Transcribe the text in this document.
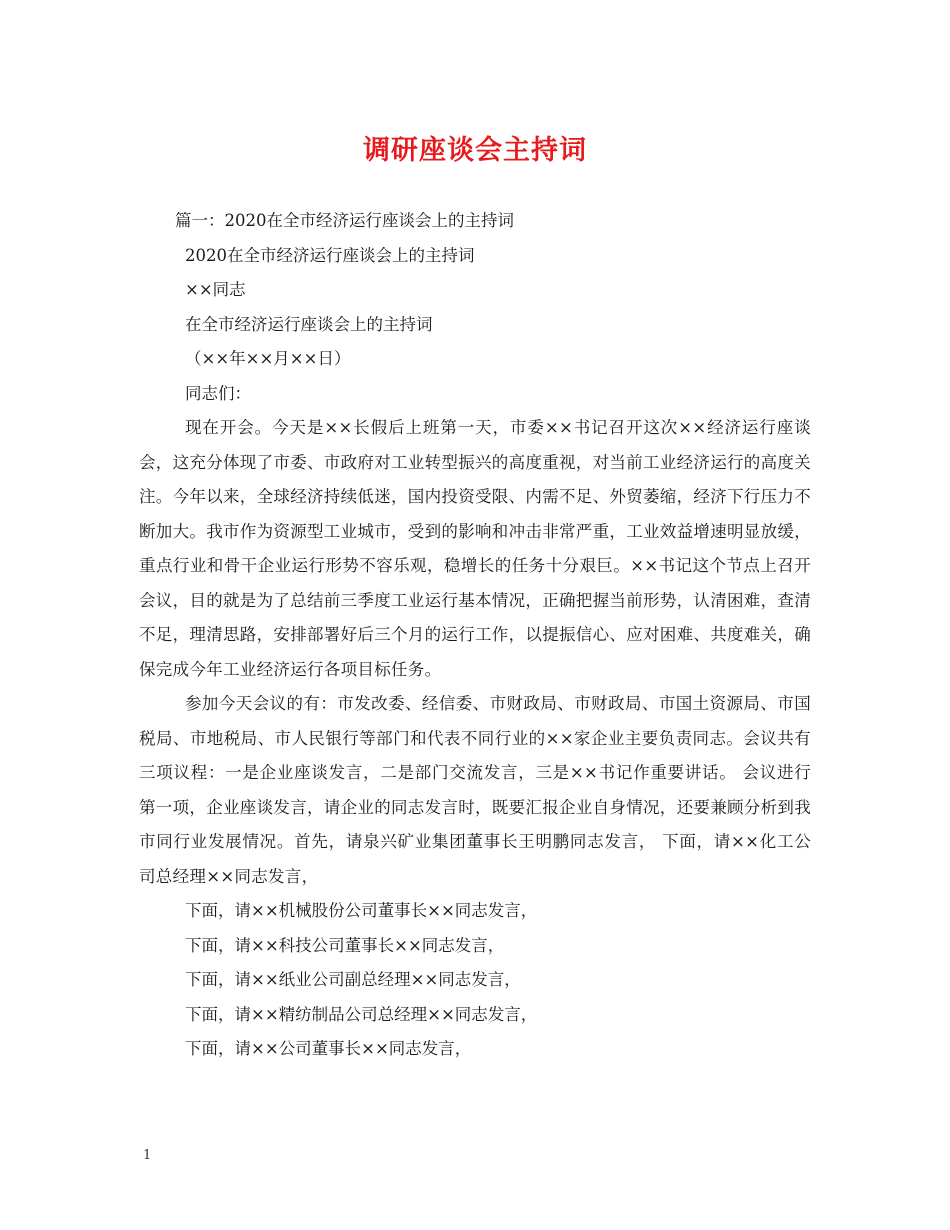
调研座谈会主持词

篇一：2020在全市经济运行座谈会上的主持词

2020在全市经济运行座谈会上的主持词

××同志

在全市经济运行座谈会上的主持词

（××年××月××日）

同志们：

现在开会。今天是××长假后上班第一天，市委××书记召开这次××经济运行座谈会，这充分体现了市委、市政府对工业转型振兴的高度重视，对当前工业经济运行的高度关注。今年以来，全球经济持续低迷，国内投资受限、内需不足、外贸萎缩，经济下行压力不断加大。我市作为资源型工业城市，受到的影响和冲击非常严重，工业效益增速明显放缓，重点行业和骨干企业运行形势不容乐观，稳增长的任务十分艰巨。××书记这个节点上召开会议，目的就是为了总结前三季度工业运行基本情况，正确把握当前形势，认清困难，查清不足，理清思路，安排部署好后三个月的运行工作，以提振信心、应对困难、共度难关，确保完成今年工业经济运行各项目标任务。

参加今天会议的有：市发改委、经信委、市财政局、市财政局、市国土资源局、市国税局、市地税局、市人民银行等部门和代表不同行业的××家企业主要负责同志。会议共有三项议程：一是企业座谈发言，二是部门交流发言，三是××书记作重要讲话。 会议进行第一项，企业座谈发言，请企业的同志发言时，既要汇报企业自身情况，还要兼顾分析到我市同行业发展情况。首先，请泉兴矿业集团董事长王明鹏同志发言， 下面，请××化工公司总经理××同志发言，

下面，请××机械股份公司董事长××同志发言，

下面，请××科技公司董事长××同志发言，

下面，请××纸业公司副总经理××同志发言，

下面，请××精纺制品公司总经理××同志发言，

下面，请××公司董事长××同志发言，

1
